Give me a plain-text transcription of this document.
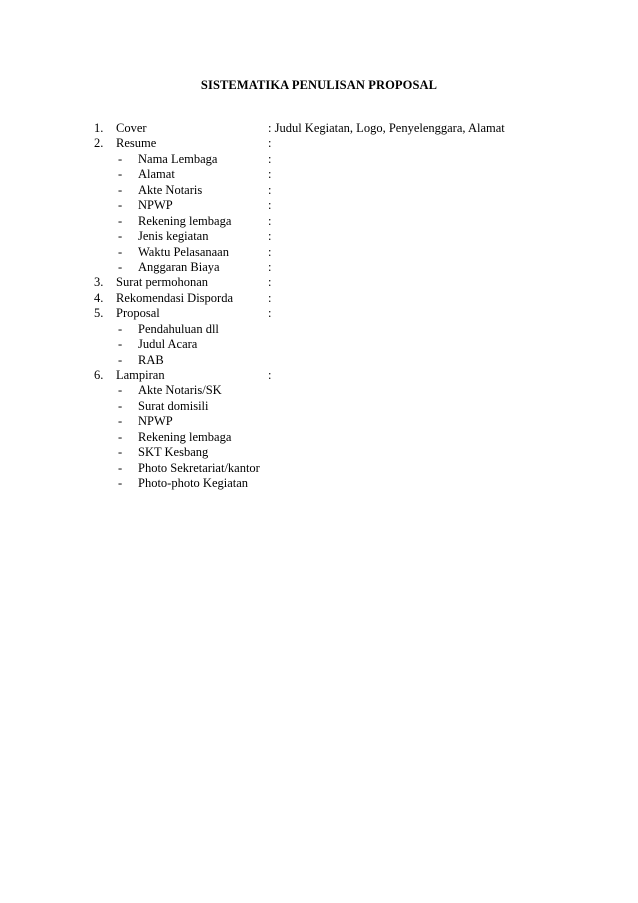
SISTEMATIKA PENULISAN PROPOSAL
1. Cover	: Judul Kegiatan, Logo, Penyelenggara, Alamat
2. Resume	:
- Nama Lembaga	:
- Alamat	:
- Akte Notaris	:
- NPWP	:
- Rekening lembaga	:
- Jenis kegiatan	:
- Waktu Pelasanaan	:
- Anggaran Biaya	:
3. Surat permohonan	:
4. Rekomendasi Disporda	:
5. Proposal	:
- Pendahuluan dll
- Judul Acara
- RAB
6. Lampiran	:
- Akte Notaris/SK
- Surat domisili
- NPWP
- Rekening lembaga
- SKT Kesbang
- Photo Sekretariat/kantor
- Photo-photo Kegiatan
